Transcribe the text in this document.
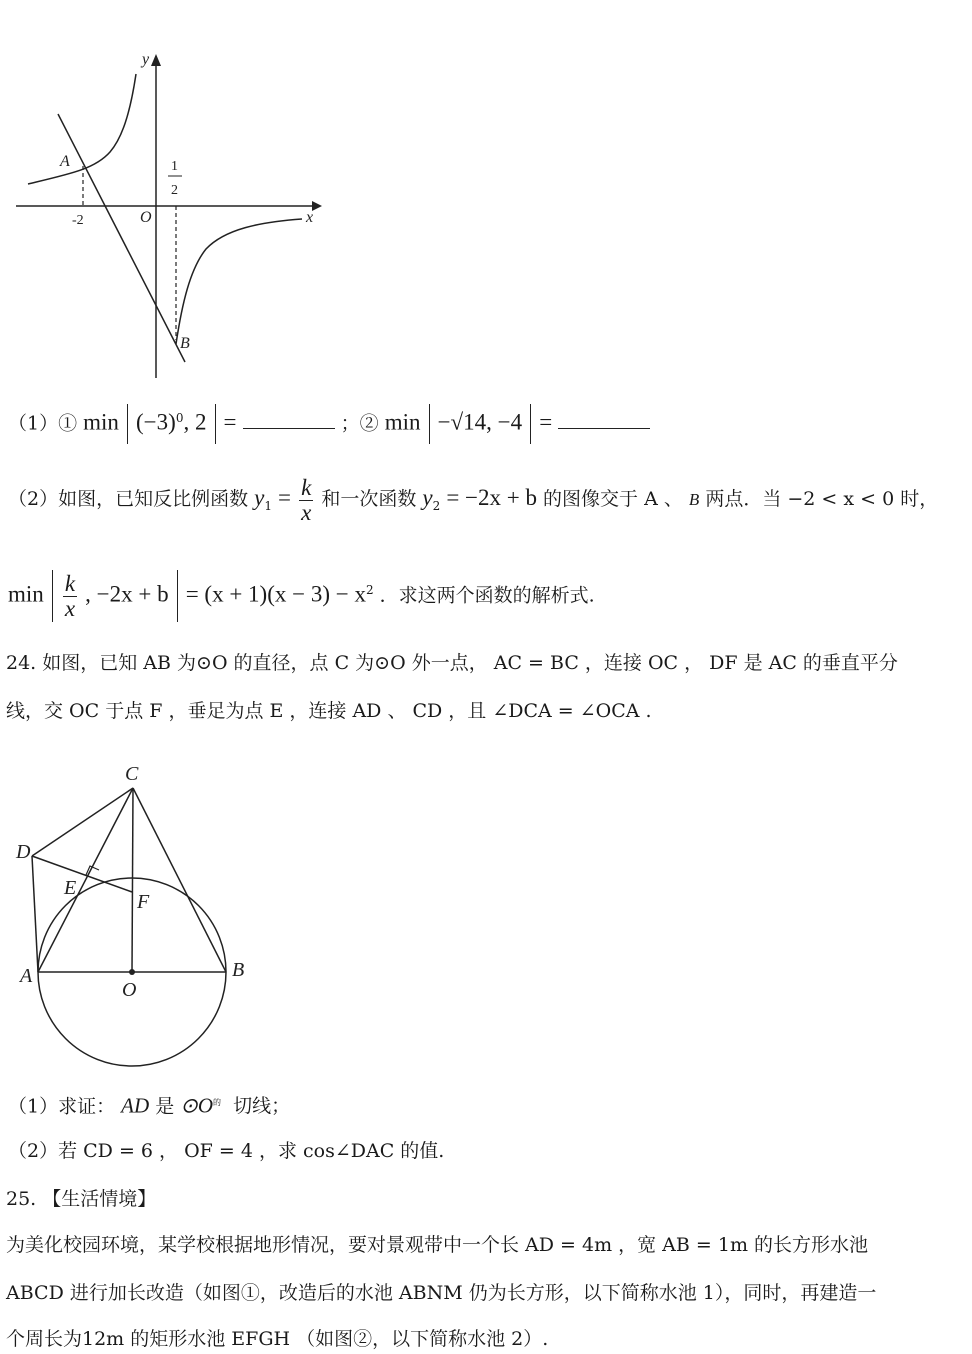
y
x
O
A
B
-2
1
2
（1）① $\min (-3)^0$, 2 =	；② min −√14, −4 =
（2）如图，已知反比例函数 $y_1 = \frac{k}{x}$ 和一次函数 $y_2 = -2x + b$ 的图像交于 A 、 B 两点．当 −2 < x < 0 时，
$\min \frac{k}{x}$ , $-2x + b = (x + 1)(x - 3) - x^2$ ．求这两个函数的解析式.
24. 如图，已知 AB 为⊙O 的直径，点 C 为⊙O 外一点， AC = BC ，连接 OC ， DF 是 AC 的垂直平分
线，交 OC 于点 F ，垂足为点 E ，连接 AD 、 CD ，且 ∠DCA = ∠OCA .
C
D
E
F
A	B
O
（1）求证： AD 是 $⊙O^的$ 切线；
（2）若 CD = 6 ， OF = 4 ，求 cos∠DAC 的值.
25. 【生活情境】
为美化校园环境，某学校根据地形情况，要对景观带中一个长 AD = 4m ，宽 AB = 1m 的长方形水池
ABCD 进行加长改造（如图①，改造后的水池 ABNM 仍为长方形，以下简称水池 1），同时，再建造一
个周长为12m 的矩形水池 EFGH （如图②，以下简称水池 2）.
